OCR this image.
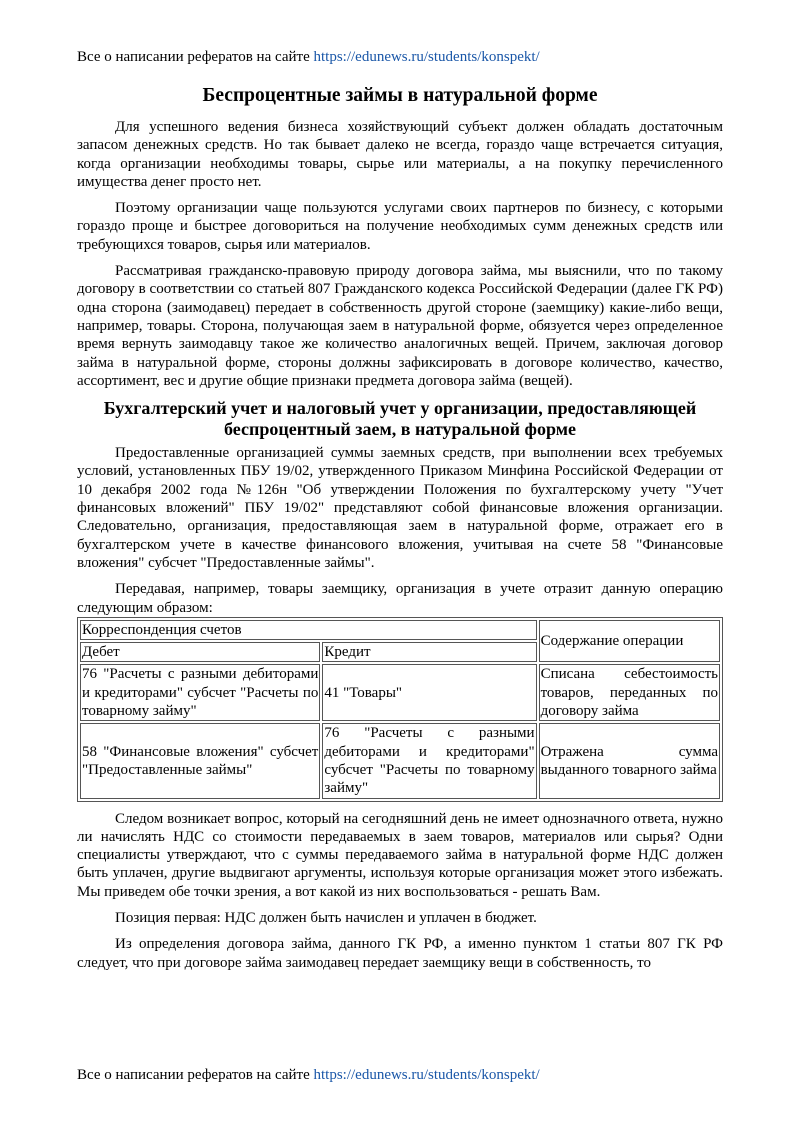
Все о написании рефератов на сайте https://edunews.ru/students/konspekt/
Беспроцентные займы в натуральной форме

Для успешного ведения бизнеса хозяйствующий субъект должен обладать достаточным запасом денежных средств. Но так бывает далеко не всегда, гораздо чаще встречается ситуация, когда организации необходимы товары, сырье или материалы, а на покупку перечисленного имущества денег просто нет.

Поэтому организации чаще пользуются услугами своих партнеров по бизнесу, с которыми гораздо проще и быстрее договориться на получение необходимых сумм денежных средств или требующихся товаров, сырья или материалов.

Рассматривая гражданско-правовую природу договора займа, мы выяснили, что по такому договору в соответствии со статьей 807 Гражданского кодекса Российской Федерации (далее ГК РФ) одна сторона (заимодавец) передает в собственность другой стороне (заемщику) какие-либо вещи, например, товары. Сторона, получающая заем в натуральной форме, обязуется через определенное время вернуть заимодавцу такое же количество аналогичных вещей. Причем, заключая договор займа в натуральной форме, стороны должны зафиксировать в договоре количество, качество, ассортимент, вес и другие общие признаки предмета договора займа (вещей).

Бухгалтерский учет и налоговый учет у организации, предоставляющей беспроцентный заем, в натуральной форме

Предоставленные организацией суммы заемных средств, при выполнении всех требуемых условий, установленных ПБУ 19/02, утвержденного Приказом Минфина Российской Федерации от 10 декабря 2002 года №126н "Об утверждении Положения по бухгалтерскому учету "Учет финансовых вложений" ПБУ 19/02" представляют собой финансовые вложения организации. Следовательно, организация, предоставляющая заем в натуральной форме, отражает его в бухгалтерском учете в качестве финансового вложения, учитывая на счете 58 "Финансовые вложения" субсчет "Предоставленные займы".

Передавая, например, товары заемщику, организация в учете отразит данную операцию следующим образом:

Корреспонденция счетов		Содержание операции
Дебет	Кредит	
76 "Расчеты с разными дебиторами и кредиторами" субсчет "Расчеты по товарному займу"	41 "Товары"	Списана себестоимость товаров, переданных по договору займа
58 "Финансовые вложения" субсчет "Предоставленные займы"	76 "Расчеты с разными дебиторами и кредиторами" субсчет "Расчеты по товарному займу"	Отражена сумма выданного товарного займа

Следом возникает вопрос, который на сегодняшний день не имеет однозначного ответа, нужно ли начислять НДС со стоимости передаваемых в заем товаров, материалов или сырья? Одни специалисты утверждают, что с суммы передаваемого займа в натуральной форме НДС должен быть уплачен, другие выдвигают аргументы, используя которые организация может этого избежать. Мы приведем обе точки зрения, а вот какой из них воспользоваться - решать Вам.

Позиция первая: НДС должен быть начислен и уплачен в бюджет.

Из определения договора займа, данного ГК РФ, а именно пунктом 1 статьи 807 ГК РФ следует, что при договоре займа заимодавец передает заемщику вещи в собственность, то

Все о написании рефератов на сайте https://edunews.ru/students/konspekt/
